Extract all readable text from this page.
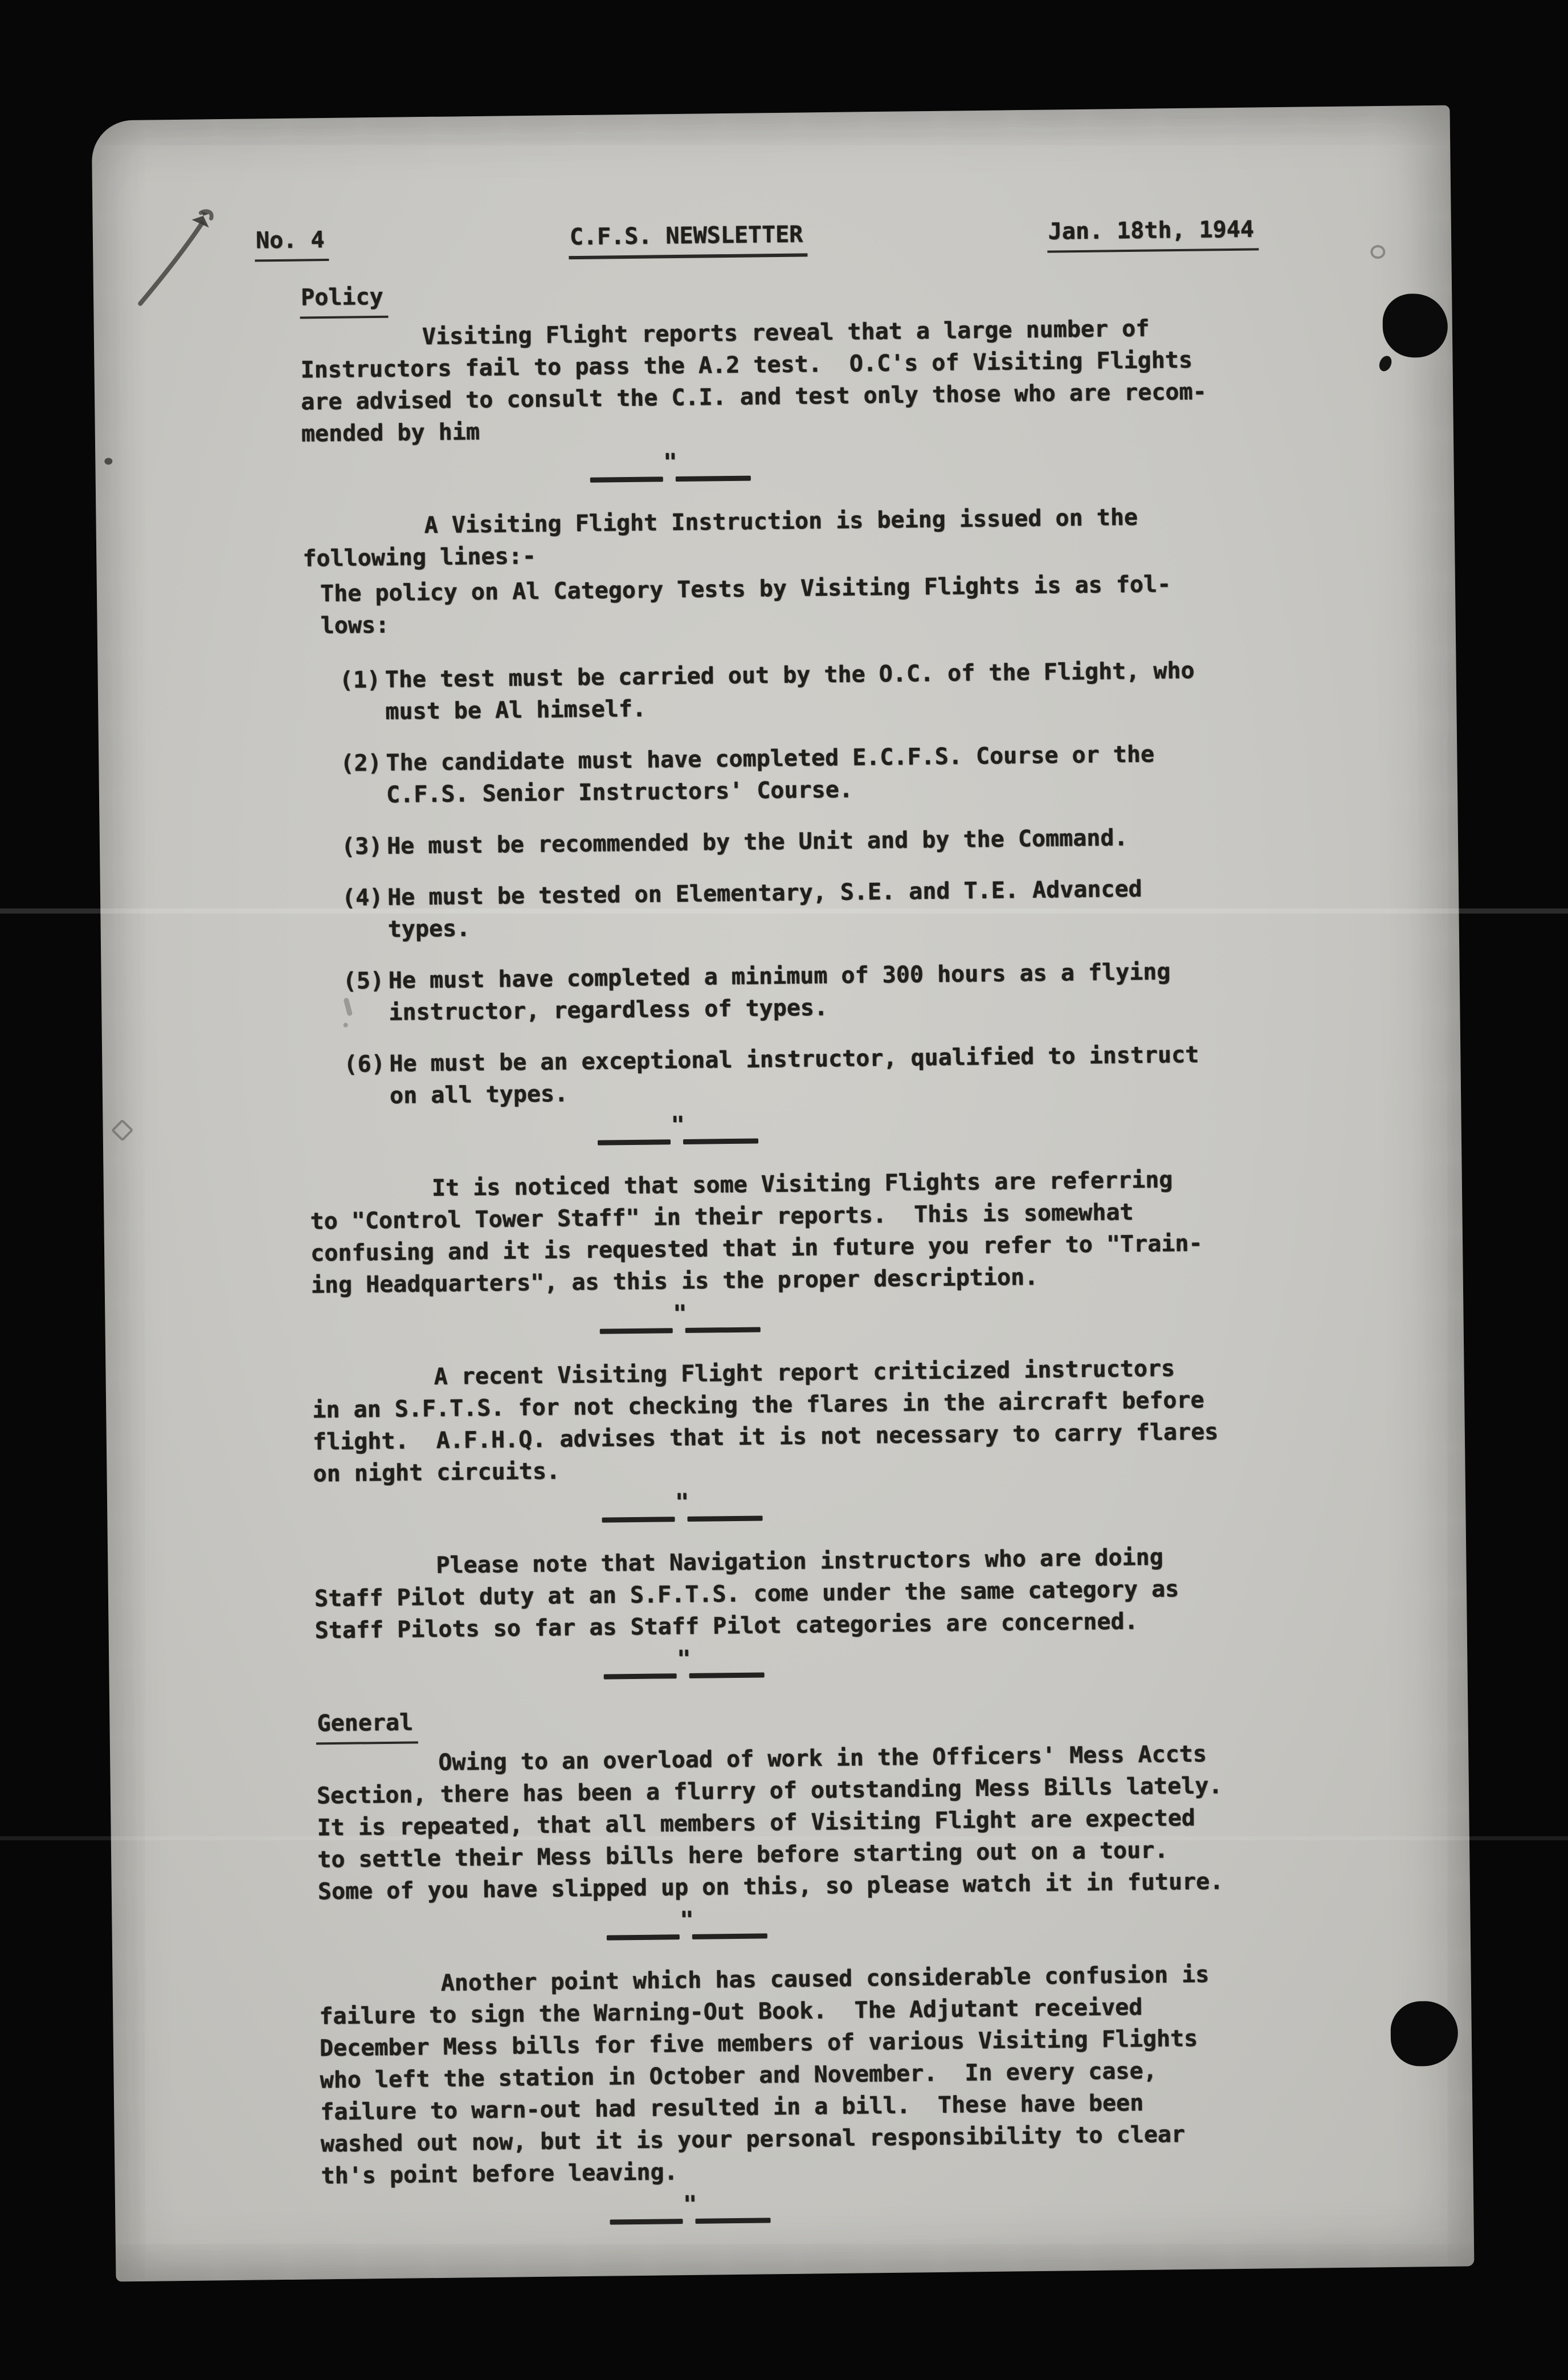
No. 4	C.F.S. NEWSLETTER	Jan. 18th, 1944
Policy
Visiting Flight reports reveal that a large number of
Instructors fail to pass the A.2 test.  O.C's of Visiting Flights
are advised to consult the C.I. and test only those who are recom-
mended by him
"
A Visiting Flight Instruction is being issued on the
following lines:-
The policy on Al Category Tests by Visiting Flights is as fol-
lows:
(1) The test must be carried out by the O.C. of the Flight, who
must be Al himself.
(2) The candidate must have completed E.C.F.S. Course or the
C.F.S. Senior Instructors' Course.
(3) He must be recommended by the Unit and by the Command.
(4) He must be tested on Elementary, S.E. and T.E. Advanced
types.
(5) He must have completed a minimum of 300 hours as a flying
instructor, regardless of types.
(6) He must be an exceptional instructor, qualified to instruct
on all types.
"
It is noticed that some Visiting Flights are referring
to "Control Tower Staff" in their reports.  This is somewhat
confusing and it is requested that in future you refer to "Train-
ing Headquarters", as this is the proper description.
"
A recent Visiting Flight report criticized instructors
in an S.F.T.S. for not checking the flares in the aircraft before
flight.  A.F.H.Q. advises that it is not necessary to carry flares
on night circuits.
"
Please note that Navigation instructors who are doing
Staff Pilot duty at an S.F.T.S. come under the same category as
Staff Pilots so far as Staff Pilot categories are concerned.
"
General
Owing to an overload of work in the Officers' Mess Accts
Section, there has been a flurry of outstanding Mess Bills lately.
It is repeated, that all members of Visiting Flight are expected
to settle their Mess bills here before starting out on a tour.
Some of you have slipped up on this, so please watch it in future.
"
Another point which has caused considerable confusion is
failure to sign the Warning-Out Book.  The Adjutant received
December Mess bills for five members of various Visiting Flights
who left the station in October and November.  In every case,
failure to warn-out had resulted in a bill.  These have been
washed out now, but it is your personal responsibility to clear
th's point before leaving.
"
